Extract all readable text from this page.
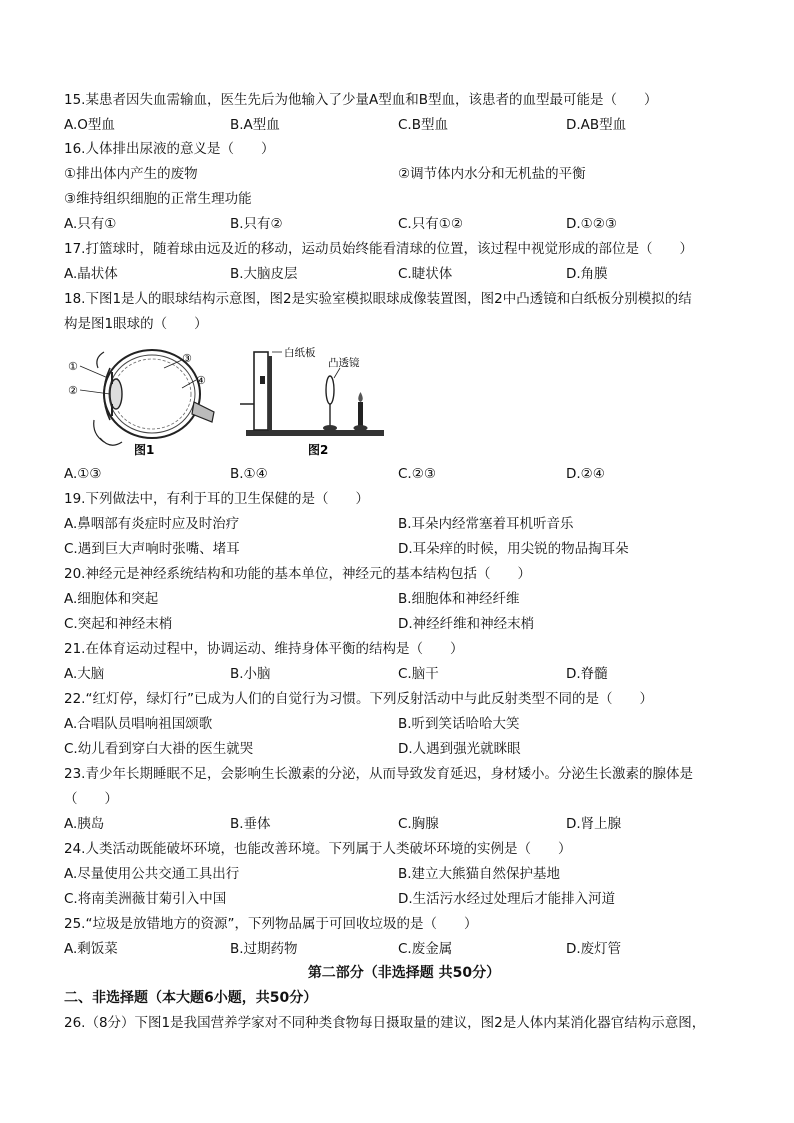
15.某患者因失血需输血，医生先后为他输入了少量A型血和B型血，该患者的血型最可能是（　　）
A.O型血	B.A型血	C.B型血	D.AB型血
16.人体排出尿液的意义是（　　）
①排出体内产生的废物	②调节体内水分和无机盐的平衡
③维持组织细胞的正常生理功能
A.只有①	B.只有②	C.只有①②	D.①②③
17.打篮球时，随着球由远及近的移动，运动员始终能看清球的位置，该过程中视觉形成的部位是（　　）
A.晶状体	B.大脑皮层	C.睫状体	D.角膜
18.下图1是人的眼球结构示意图，图2是实验室模拟眼球成像装置图，图2中凸透镜和白纸板分别模拟的结
构是图1眼球的（　　）
①
②
③
④
图1
白纸板
凸透镜
图2
A.①③	B.①④	C.②③	D.②④
19.下列做法中，有利于耳的卫生保健的是（　　）
A.鼻咽部有炎症时应及时治疗	B.耳朵内经常塞着耳机听音乐
C.遇到巨大声响时张嘴、堵耳	D.耳朵痒的时候，用尖锐的物品掏耳朵
20.神经元是神经系统结构和功能的基本单位，神经元的基本结构包括（　　）
A.细胞体和突起	B.细胞体和神经纤维
C.突起和神经末梢	D.神经纤维和神经末梢
21.在体育运动过程中，协调运动、维持身体平衡的结构是（　　）
A.大脑	B.小脑	C.脑干	D.脊髓
22.“红灯停，绿灯行”已成为人们的自觉行为习惯。下列反射活动中与此反射类型不同的是（　　）
A.合唱队员唱响祖国颂歌	B.听到笑话哈哈大笑
C.幼儿看到穿白大褂的医生就哭	D.人遇到强光就眯眼
23.青少年长期睡眠不足，会影响生长激素的分泌，从而导致发育延迟，身材矮小。分泌生长激素的腺体是
（　　）
A.胰岛	B.垂体	C.胸腺	D.肾上腺
24.人类活动既能破坏环境，也能改善环境。下列属于人类破坏环境的实例是（　　）
A.尽量使用公共交通工具出行	B.建立大熊猫自然保护基地
C.将南美洲薇甘菊引入中国	D.生活污水经过处理后才能排入河道
25.“垃圾是放错地方的资源”，下列物品属于可回收垃圾的是（　　）
A.剩饭菜	B.过期药物	C.废金属	D.废灯管
第二部分（非选择题 共50分）
二、非选择题（本大题6小题，共50分）
26.（8分）下图1是我国营养学家对不同种类食物每日摄取量的建议，图2是人体内某消化器官结构示意图，
